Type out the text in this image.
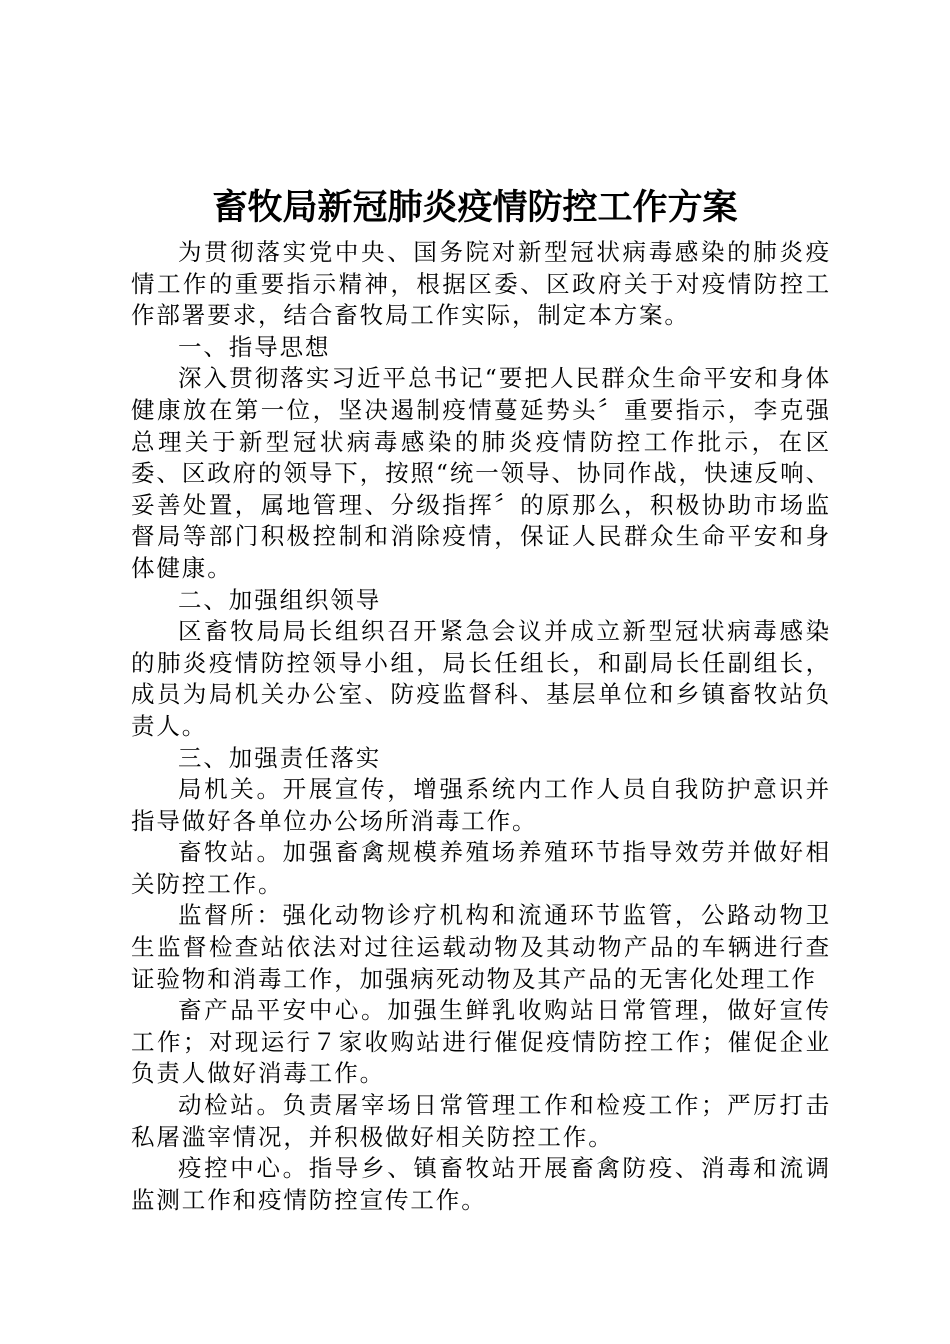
畜牧局新冠肺炎疫情防控工作方案

为贯彻落实党中央、国务院对新型冠状病毒感染的肺炎疫情工作的重要指示精神，根据区委、区政府关于对疫情防控工作部署要求，结合畜牧局工作实际，制定本方案。

一、指导思想

深入贯彻落实习近平总书记“要把人民群众生命平安和身体健康放在第一位，坚决遏制疫情蔓延势头〞重要指示，李克强总理关于新型冠状病毒感染的肺炎疫情防控工作批示，在区委、区政府的领导下，按照“统一领导、协同作战，快速反响、妥善处置，属地管理、分级指挥〞的原那么，积极协助市场监督局等部门积极控制和消除疫情，保证人民群众生命平安和身体健康。

二、加强组织领导

区畜牧局局长组织召开紧急会议并成立新型冠状病毒感染的肺炎疫情防控领导小组，局长任组长，和副局长任副组长，成员为局机关办公室、防疫监督科、基层单位和乡镇畜牧站负责人。

三、加强责任落实

局机关。开展宣传，增强系统内工作人员自我防护意识并指导做好各单位办公场所消毒工作。

畜牧站。加强畜禽规模养殖场养殖环节指导效劳并做好相关防控工作。

监督所：强化动物诊疗机构和流通环节监管，公路动物卫生监督检查站依法对过往运载动物及其动物产品的车辆进行查证验物和消毒工作，加强病死动物及其产品的无害化处理工作

畜产品平安中心。加强生鲜乳收购站日常管理，做好宣传工作；对现运行７家收购站进行催促疫情防控工作；催促企业负责人做好消毒工作。

动检站。负责屠宰场日常管理工作和检疫工作；严厉打击私屠滥宰情况，并积极做好相关防控工作。

疫控中心。指导乡、镇畜牧站开展畜禽防疫、消毒和流调监测工作和疫情防控宣传工作。
